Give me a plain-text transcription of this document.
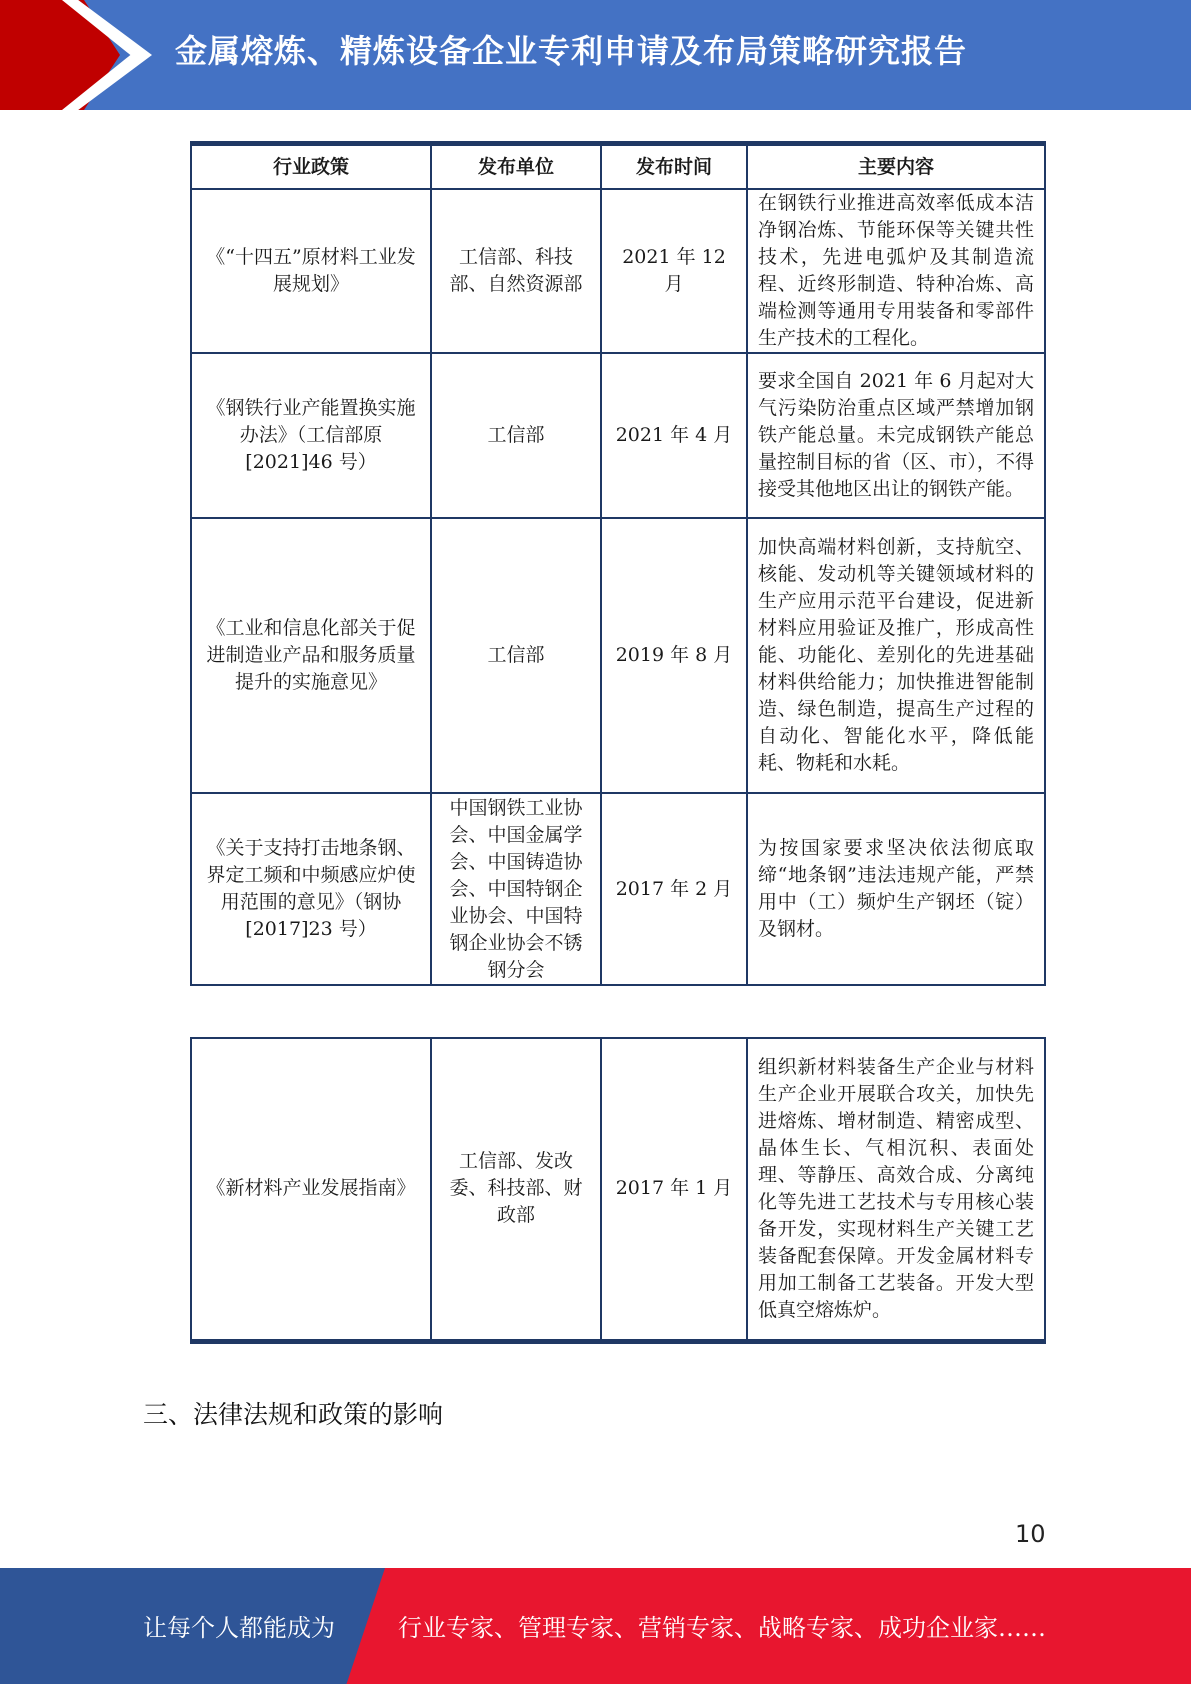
金属熔炼、精炼设备企业专利申请及布局策略研究报告
行业政策	发布单位	发布时间	主要内容
《“十四五”原材料工业发展规划》	工信部、科技部、自然资源部	2021 年 12 月	在钢铁行业推进高效率低成本洁净钢冶炼、节能环保等关键共性技术，先进电弧炉及其制造流程、近终形制造、特种冶炼、高端检测等通用专用装备和零部件生产技术的工程化。
《钢铁行业产能置换实施办法》（工信部原[2021]46 号）	工信部	2021 年 4 月	要求全国自 2021 年 6 月起对大气污染防治重点区域严禁增加钢铁产能总量。未完成钢铁产能总量控制目标的省（区、市），不得接受其他地区出让的钢铁产能。
《工业和信息化部关于促进制造业产品和服务质量提升的实施意见》	工信部	2019 年 8 月	加快高端材料创新，支持航空、核能、发动机等关键领域材料的生产应用示范平台建设，促进新材料应用验证及推广，形成高性能、功能化、差别化的先进基础材料供给能力；加快推进智能制造、绿色制造，提高生产过程的自动化、智能化水平，降低能耗、物耗和水耗。
《关于支持打击地条钢、界定工频和中频感应炉使用范围的意见》（钢协[2017]23 号）	中国钢铁工业协会、中国金属学会、中国铸造协会、中国特钢企业协会、中国特钢企业协会不锈钢分会	2017 年 2 月	为按国家要求坚决依法彻底取缔“地条钢”违法违规产能，严禁用中（工）频炉生产钢坯（锭）及钢材。
《新材料产业发展指南》	工信部、发改委、科技部、财政部	2017 年 1 月	组织新材料装备生产企业与材料生产企业开展联合攻关，加快先进熔炼、增材制造、精密成型、晶体生长、气相沉积、表面处理、等静压、高效合成、分离纯化等先进工艺技术与专用核心装备开发，实现材料生产关键工艺装备配套保障。开发金属材料专用加工制备工艺装备。开发大型低真空熔炼炉。
三、法律法规和政策的影响
10
让每个人都能成为	行业专家、管理专家、营销专家、战略专家、成功企业家……
